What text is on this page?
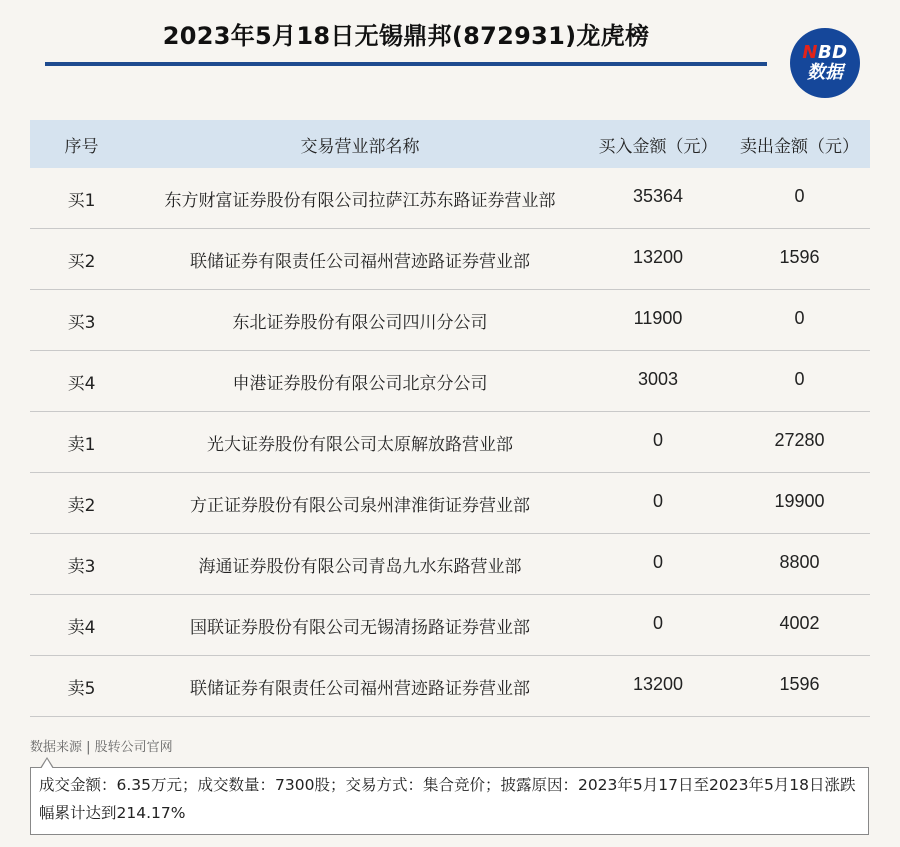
2023年5月18日无锡鼎邦(872931)龙虎榜
NBD
数据
序号	交易营业部名称	买入金额（元）	卖出金额（元）
买1	东方财富证券股份有限公司拉萨江苏东路证券营业部	35364	0
买2	联储证券有限责任公司福州营迹路证券营业部	13200	1596
买3	东北证券股份有限公司四川分公司	11900	0
买4	申港证券股份有限公司北京分公司	3003	0
卖1	光大证券股份有限公司太原解放路营业部	0	27280
卖2	方正证券股份有限公司泉州津淮街证券营业部	0	19900
卖3	海通证券股份有限公司青岛九水东路营业部	0	8800
卖4	国联证券股份有限公司无锡清扬路证券营业部	0	4002
卖5	联储证券有限责任公司福州营迹路证券营业部	13200	1596
数据来源 | 股转公司官网
成交金额：6.35万元；成交数量：7300股；交易方式：集合竞价；披露原因：2023年5月17日至2023年5月18日涨跌幅累计达到214.17%
